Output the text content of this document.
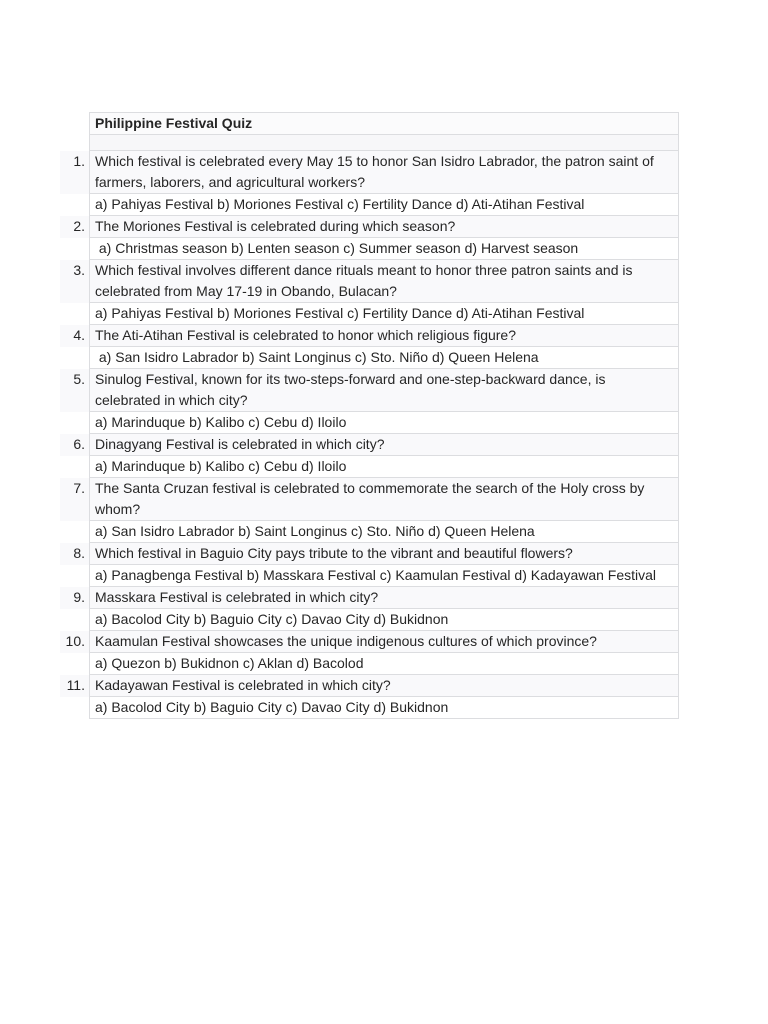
	Philippine Festival Quiz

1.	Which festival is celebrated every May 15 to honor San Isidro Labrador, the patron saint of farmers, laborers, and agricultural workers?
	a) Pahiyas Festival b) Moriones Festival c) Fertility Dance d) Ati-Atihan Festival
2.	The Moriones Festival is celebrated during which season?
	a) Christmas season b) Lenten season c) Summer season d) Harvest season
3.	Which festival involves different dance rituals meant to honor three patron saints and is celebrated from May 17-19 in Obando, Bulacan?
	a) Pahiyas Festival b) Moriones Festival c) Fertility Dance d) Ati-Atihan Festival
4.	The Ati-Atihan Festival is celebrated to honor which religious figure?
	a) San Isidro Labrador b) Saint Longinus c) Sto. Niño d) Queen Helena
5.	Sinulog Festival, known for its two-steps-forward and one-step-backward dance, is celebrated in which city?
	a) Marinduque b) Kalibo c) Cebu d) Iloilo
6.	Dinagyang Festival is celebrated in which city?
	a) Marinduque b) Kalibo c) Cebu d) Iloilo
7.	The Santa Cruzan festival is celebrated to commemorate the search of the Holy cross by whom?
	a) San Isidro Labrador b) Saint Longinus c) Sto. Niño d) Queen Helena
8.	Which festival in Baguio City pays tribute to the vibrant and beautiful flowers?
	a) Panagbenga Festival b) Masskara Festival c) Kaamulan Festival d) Kadayawan Festival
9.	Masskara Festival is celebrated in which city?
	a) Bacolod City b) Baguio City c) Davao City d) Bukidnon
10.	Kaamulan Festival showcases the unique indigenous cultures of which province?
	a) Quezon b) Bukidnon c) Aklan d) Bacolod
11.	Kadayawan Festival is celebrated in which city?
	a) Bacolod City b) Baguio City c) Davao City d) Bukidnon
